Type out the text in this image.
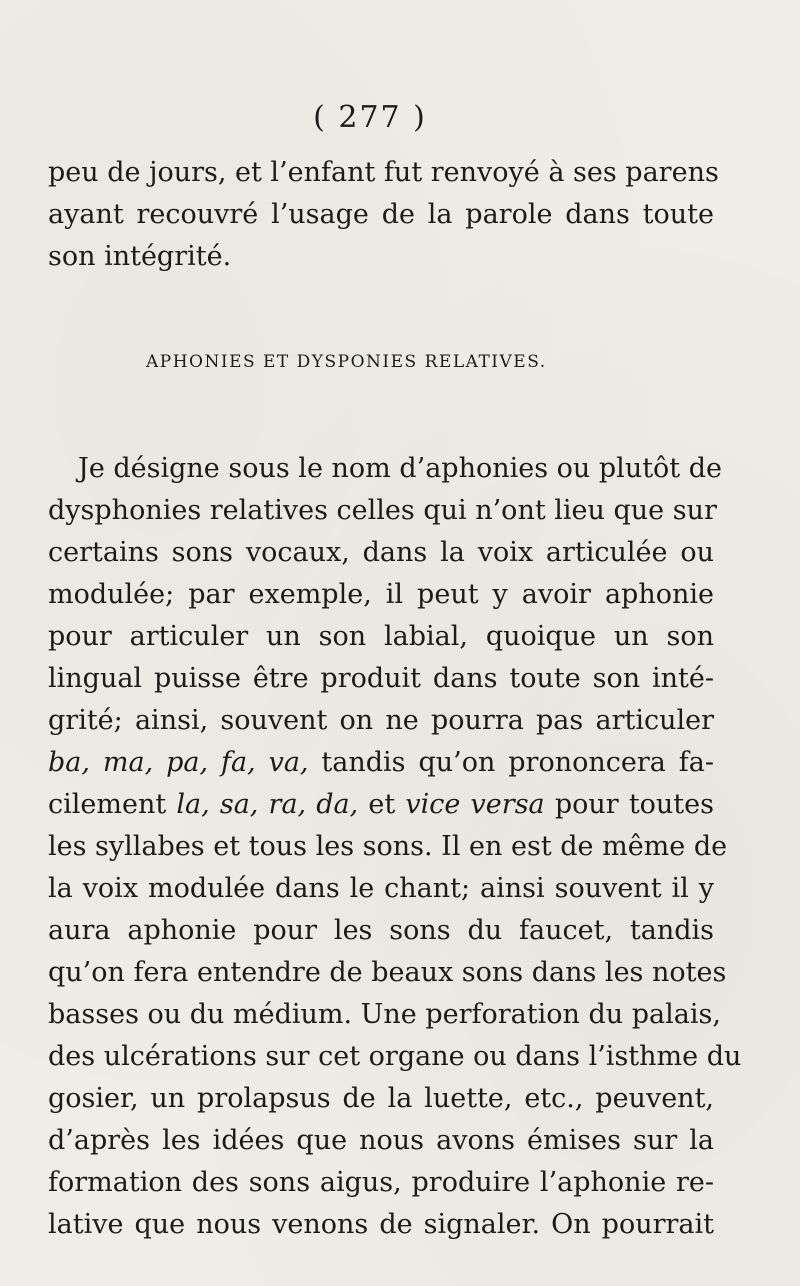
( 277 )
peu de jours, et l’enfant fut renvoyé à ses parens
ayant recouvré l’usage de la parole dans toute
son intégrité.
APHONIES ET DYSPONIES RELATIVES.
Je désigne sous le nom d’aphonies ou plutôt de
dysphonies relatives celles qui n’ont lieu que sur
certains sons vocaux, dans la voix articulée ou
modulée; par exemple, il peut y avoir aphonie
pour articuler un son labial, quoique un son
lingual puisse être produit dans toute son inté-
grité; ainsi, souvent on ne pourra pas articuler
ba, ma, pa, fa, va, tandis qu’on prononcera fa-
cilement la, sa, ra, da, et vice versa pour toutes
les syllabes et tous les sons. Il en est de même de
la voix modulée dans le chant; ainsi souvent il y
aura aphonie pour les sons du faucet, tandis
qu’on fera entendre de beaux sons dans les notes
basses ou du médium. Une perforation du palais,
des ulcérations sur cet organe ou dans l’isthme du
gosier, un prolapsus de la luette, etc., peuvent,
d’après les idées que nous avons émises sur la
formation des sons aigus, produire l’aphonie re-
lative que nous venons de signaler. On pourrait
